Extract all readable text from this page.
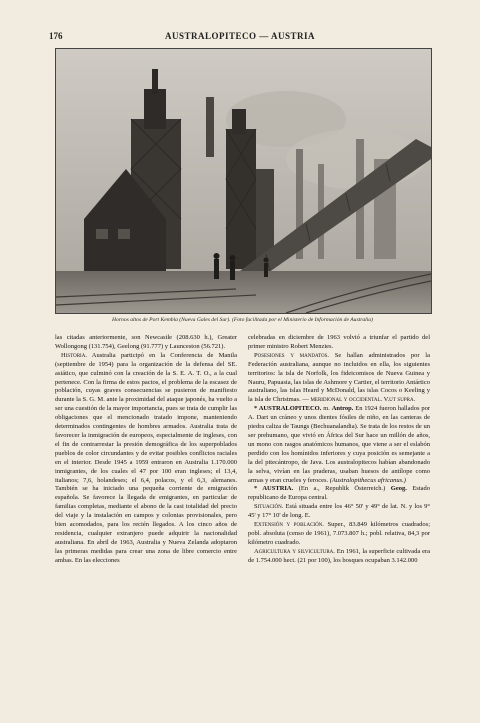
176	AUSTRALOPITECO — AUSTRIA
Hornos altos de Port Kembla (Nueva Gales del Sur). (Foto facilitada por el Ministerio de Información de Australia)

las citadas anteriormente, son Newcastle (208.630 h.), Greater Wollongong (131.754), Geelong (91.777) y Launceston (56.721).

Historia. Australia participó en la Conferencia de Manila (septiembre de 1954) para la organización de la defensa del SE. asiático, que culminó con la creación de la S. E. A. T. O., a la cual pertenece. Con la firma de estos pactos, el problema de la escasez de población, cuyas graves consecuencias se pusieron de manifiesto durante la S. G. M. ante la proximidad del ataque japonés, ha vuelto a ser una cuestión de la mayor importancia, pues se trata de cumplir las obligaciones que el mencionado tratado impone, manteniendo determinados contingentes de hombres armados. Australia trata de favorecer la inmigración de europeos, especialmente de ingleses, con el fin de contrarrestar la presión demográfica de los superpoblados pueblos de color circundantes y de evitar posibles conflictos raciales en el interior. Desde 1945 a 1959 entraron en Australia 1.170.000 inmigrantes, de los cuales el 47 por 100 eran ingleses; el 13,4, italianos; 7,6, holandeses; el 6,4, polacos, y el 6,3, alemanes. También se ha iniciado una pequeña corriente de emigración española. Se favorece la llegada de emigrantes, en particular de familias completas, mediante el abono de la casi totalidad del precio del viaje y la instalación en campos y colonias provisionales, pero bien acomodados, para los recién llegados. A los cinco años de residencia, cualquier extranjero puede adquirir la nacionalidad australiana. En abril de 1963, Australia y Nueva Zelanda adoptaron las primeras medidas para crear una zona de libre comercio entre ambas. En las elecciones

celebradas en diciembre de 1963 volvió a triunfar el partido del primer ministro Robert Menzies.

Posesiones y mandatos. Se hallan administrados por la Federación australiana, aunque no incluidos en ella, los siguientes territorios: la isla de Norfolk, los fideicomisos de Nueva Guinea y Nauru, Papuasia, las islas de Ashmore y Cartier, el territorio Antártico australiano, las islas Heard y McDonald, las islas Cocos o Keeling y la isla de Christmas. — meridional y occidental. V.ut supra.

* AUSTRALOPITECO. m. Antrop. En 1924 fueron hallados por A. Dart un cráneo y unos dientes fósiles de niño, en las canteras de piedra caliza de Taungs (Bechuanalandia). Se trata de los restos de un ser prehumano, que vivió en África del Sur hace un millón de años, un mono con rasgos anatómicos humanos, que viene a ser el eslabón perdido con los homínidos inferiores y cuya posición es semejante a la del pitecántropo, de Java. Los australopitecos habían abandonado la selva, vivían en las praderas, usaban huesos de antílope como armas y eran crueles y feroces. (Australopithecus africanus.)

* AUSTRIA. (En a., Republik Österreich.) Geog. Estado republicano de Europa central.

Situación. Está situada entre los 46° 50' y 49° de lat. N. y los 9° 45' y 17° 10' de long. E.

Extensión y población. Super., 83.849 kilómetros cuadrados; pobl. absoluta (censo de 1961), 7.073.807 h.; pobl. relativa, 84,3 por kilómetro cuadrado.

Agricultura y silvicultura. En 1961, la superficie cultivada era de 1.754.000 hect. (21 por 100), los bosques ocupaban 3.142.000
